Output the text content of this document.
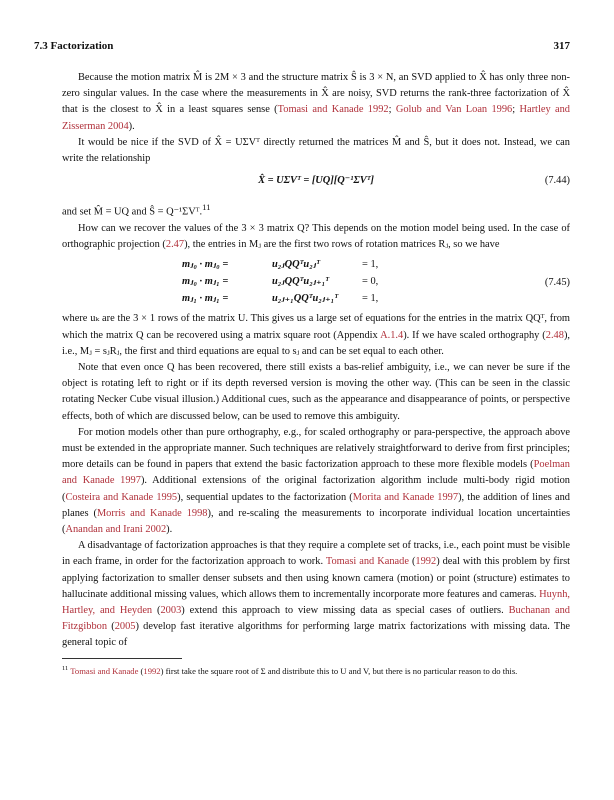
7.3 Factorization	317

Because the motion matrix M̂ is 2M × 3 and the structure matrix Ŝ is 3 × N, an SVD applied to X̂ has only three non-zero singular values. In the case where the measurements in X̂ are noisy, SVD returns the rank-three factorization of X̂ that is the closest to X̂ in a least squares sense (Tomasi and Kanade 1992; Golub and Van Loan 1996; Hartley and Zisserman 2004).

It would be nice if the SVD of X̂ = UΣVᵀ directly returned the matrices M̂ and Ŝ, but it does not. Instead, we can write the relationship

X̂ = UΣVᵀ = [UQ][Q⁻¹ΣVᵀ]	(7.44)

and set M̂ = UQ and Ŝ = Q⁻¹ΣVᵀ.$^{11}$

How can we recover the values of the 3 × 3 matrix Q? This depends on the motion model being used. In the case of orthographic projection (2.47), the entries in Mⱼ are the first two rows of rotation matrices Rⱼ, so we have

mⱼ₀ · mⱼ₀ =	u₂ⱼQQᵀu₂ⱼᵀ	= 1,
mⱼ₀ · mⱼ₁ =	u₂ⱼQQᵀu₂ⱼ₊₁ᵀ	= 0,
mⱼ₁ · mⱼ₁ =	u₂ⱼ₊₁QQᵀu₂ⱼ₊₁ᵀ = 1,
(7.45)

where uₖ are the 3 × 1 rows of the matrix U. This gives us a large set of equations for the entries in the matrix QQᵀ, from which the matrix Q can be recovered using a matrix square root (Appendix A.1.4). If we have scaled orthography (2.48), i.e., Mⱼ = sⱼRⱼ, the first and third equations are equal to sⱼ and can be set equal to each other.

Note that even once Q has been recovered, there still exists a bas-relief ambiguity, i.e., we can never be sure if the object is rotating left to right or if its depth reversed version is moving the other way. (This can be seen in the classic rotating Necker Cube visual illusion.) Additional cues, such as the appearance and disappearance of points, or perspective effects, both of which are discussed below, can be used to remove this ambiguity.

For motion models other than pure orthography, e.g., for scaled orthography or para-perspective, the approach above must be extended in the appropriate manner. Such techniques are relatively straightforward to derive from first principles; more details can be found in papers that extend the basic factorization approach to these more flexible models (Poelman and Kanade 1997). Additional extensions of the original factorization algorithm include multi-body rigid motion (Costeira and Kanade 1995), sequential updates to the factorization (Morita and Kanade 1997), the addition of lines and planes (Morris and Kanade 1998), and re-scaling the measurements to incorporate individual location uncertainties (Anandan and Irani 2002).

A disadvantage of factorization approaches is that they require a complete set of tracks, i.e., each point must be visible in each frame, in order for the factorization approach to work. Tomasi and Kanade (1992) deal with this problem by first applying factorization to smaller denser subsets and then using known camera (motion) or point (structure) estimates to hallucinate additional missing values, which allows them to incrementally incorporate more features and cameras. Huynh, Hartley, and Heyden (2003) extend this approach to view missing data as special cases of outliers. Buchanan and Fitzgibbon (2005) develop fast iterative algorithms for performing large matrix factorizations with missing data. The general topic of

$^{11}$ Tomasi and Kanade (1992) first take the square root of Σ and distribute this to U and V, but there is no particular reason to do this.
